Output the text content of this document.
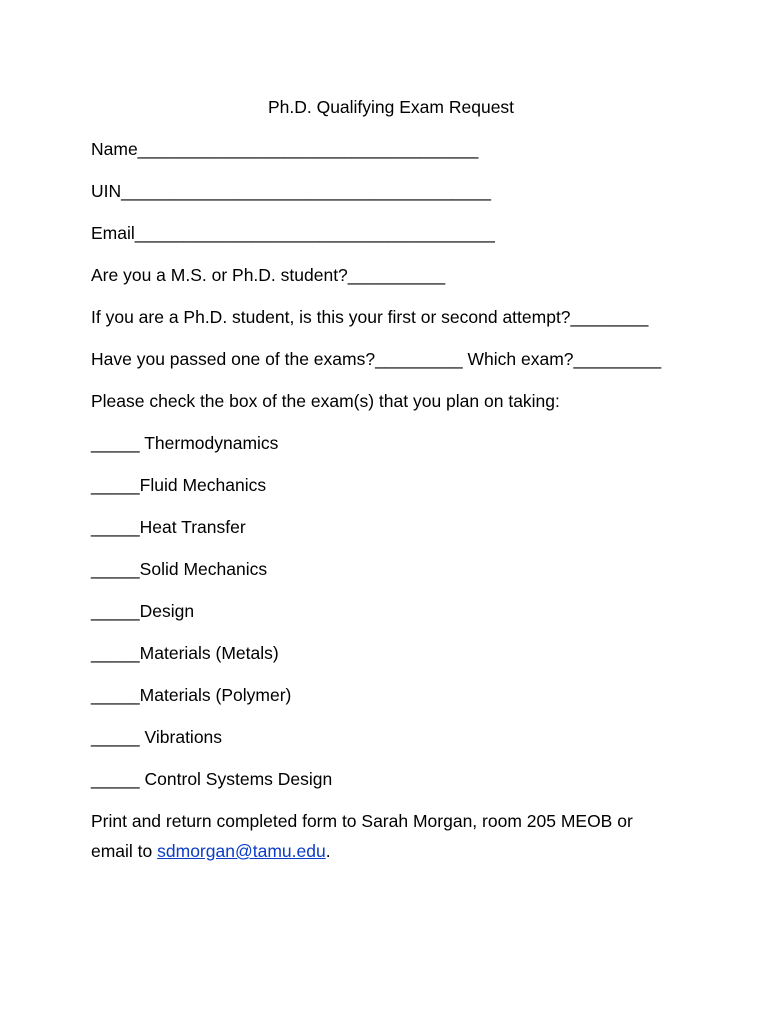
Ph.D. Qualifying Exam Request
Name___________________________________
UIN______________________________________
Email_____________________________________
Are you a M.S. or Ph.D. student?__________
If you are a Ph.D. student, is this your first or second attempt?________
Have you passed one of the exams?_________ Which exam?_________
Please check the box of the exam(s) that you plan on taking:
_____ Thermodynamics
_____Fluid Mechanics
_____Heat Transfer
_____Solid Mechanics
_____Design
_____Materials (Metals)
_____Materials (Polymer)
_____ Vibrations
_____ Control Systems Design
Print and return completed form to Sarah Morgan, room 205 MEOB or
email to sdmorgan@tamu.edu.
